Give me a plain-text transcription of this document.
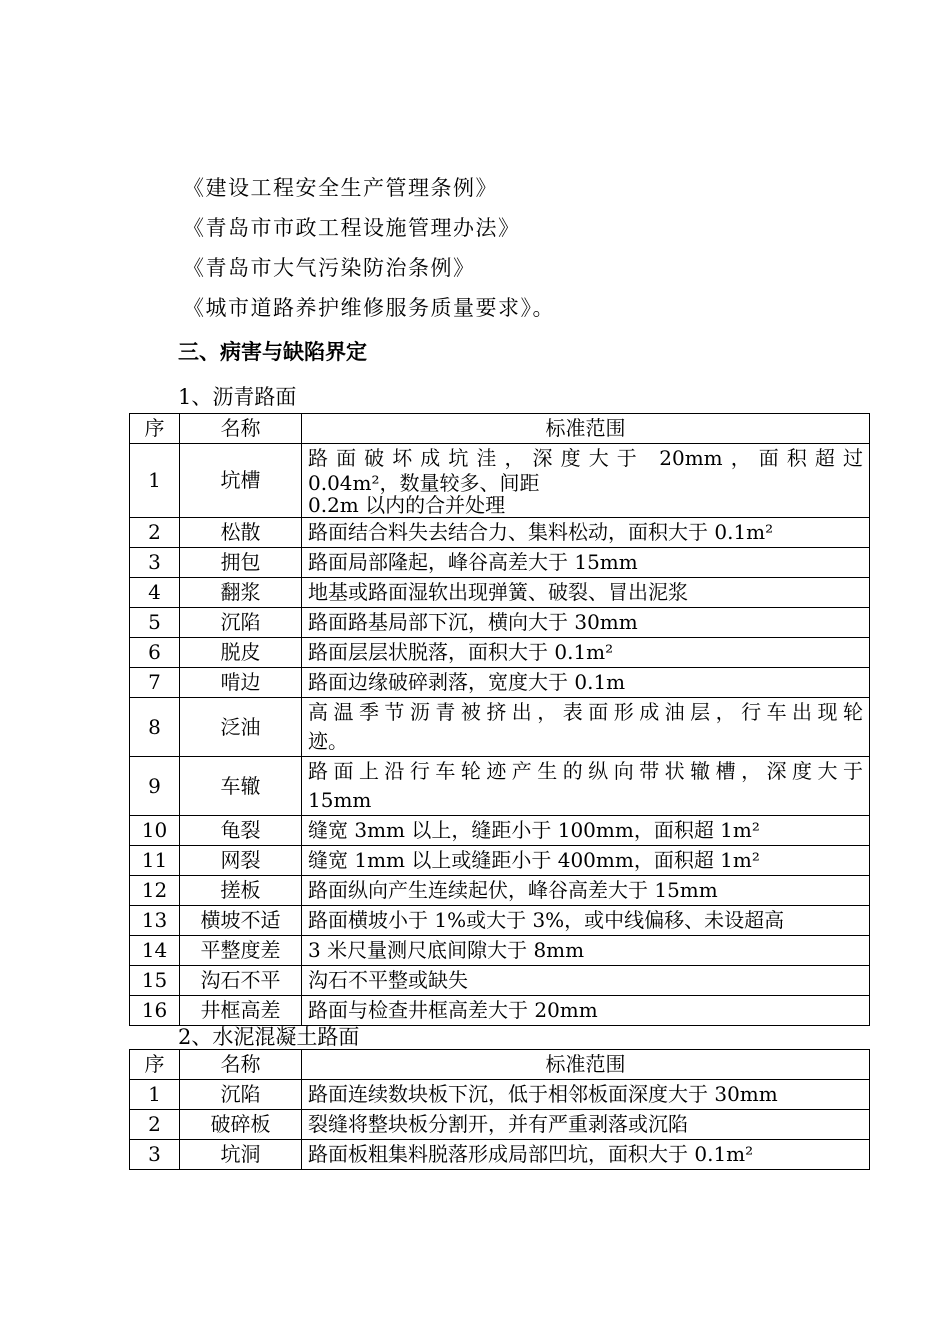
《建设工程安全生产管理条例》
《青岛市市政工程设施管理办法》
《青岛市大气污染防治条例》
《城市道路养护维修服务质量要求》。
三、病害与缺陷界定
1、沥青路面
序	名称	标准范围
1	坑槽	路面破坏成坑洼，深度大于 20mm，面积超过
0.04m²，数量较多、间距
0.2m 以内的合并处理

2	松散	路面结合料失去结合力、集料松动，面积大于 0.1m²
3	拥包	路面局部隆起，峰谷高差大于 15mm
4	翻浆	地基或路面湿软出现弹簧、破裂、冒出泥浆
5	沉陷	路面路基局部下沉，横向大于 30mm
6	脱皮	路面层层状脱落，面积大于 0.1m²
7	啃边	路面边缘破碎剥落，宽度大于 0.1m
8	泛油	高温季节沥青被挤出，表面形成油层，行车出现轮
迹。

9	车辙	路面上沿行车轮迹产生的纵向带状辙槽，深度大于
15mm

10	龟裂	缝宽 3mm 以上，缝距小于 100mm，面积超 1m²
11	网裂	缝宽 1mm 以上或缝距小于 400mm，面积超 1m²
12	搓板	路面纵向产生连续起伏，峰谷高差大于 15mm
13	横坡不适	路面横坡小于 1%或大于 3%，或中线偏移、未设超高
14	平整度差	3 米尺量测尺底间隙大于 8mm
15	沟石不平	沟石不平整或缺失
16	井框高差	路面与检查井框高差大于 20mm
2、水泥混凝土路面
序	名称	标准范围
1	沉陷	路面连续数块板下沉，低于相邻板面深度大于 30mm
2	破碎板	裂缝将整块板分割开，并有严重剥落或沉陷
3	坑洞	路面板粗集料脱落形成局部凹坑，面积大于 0.1m²
